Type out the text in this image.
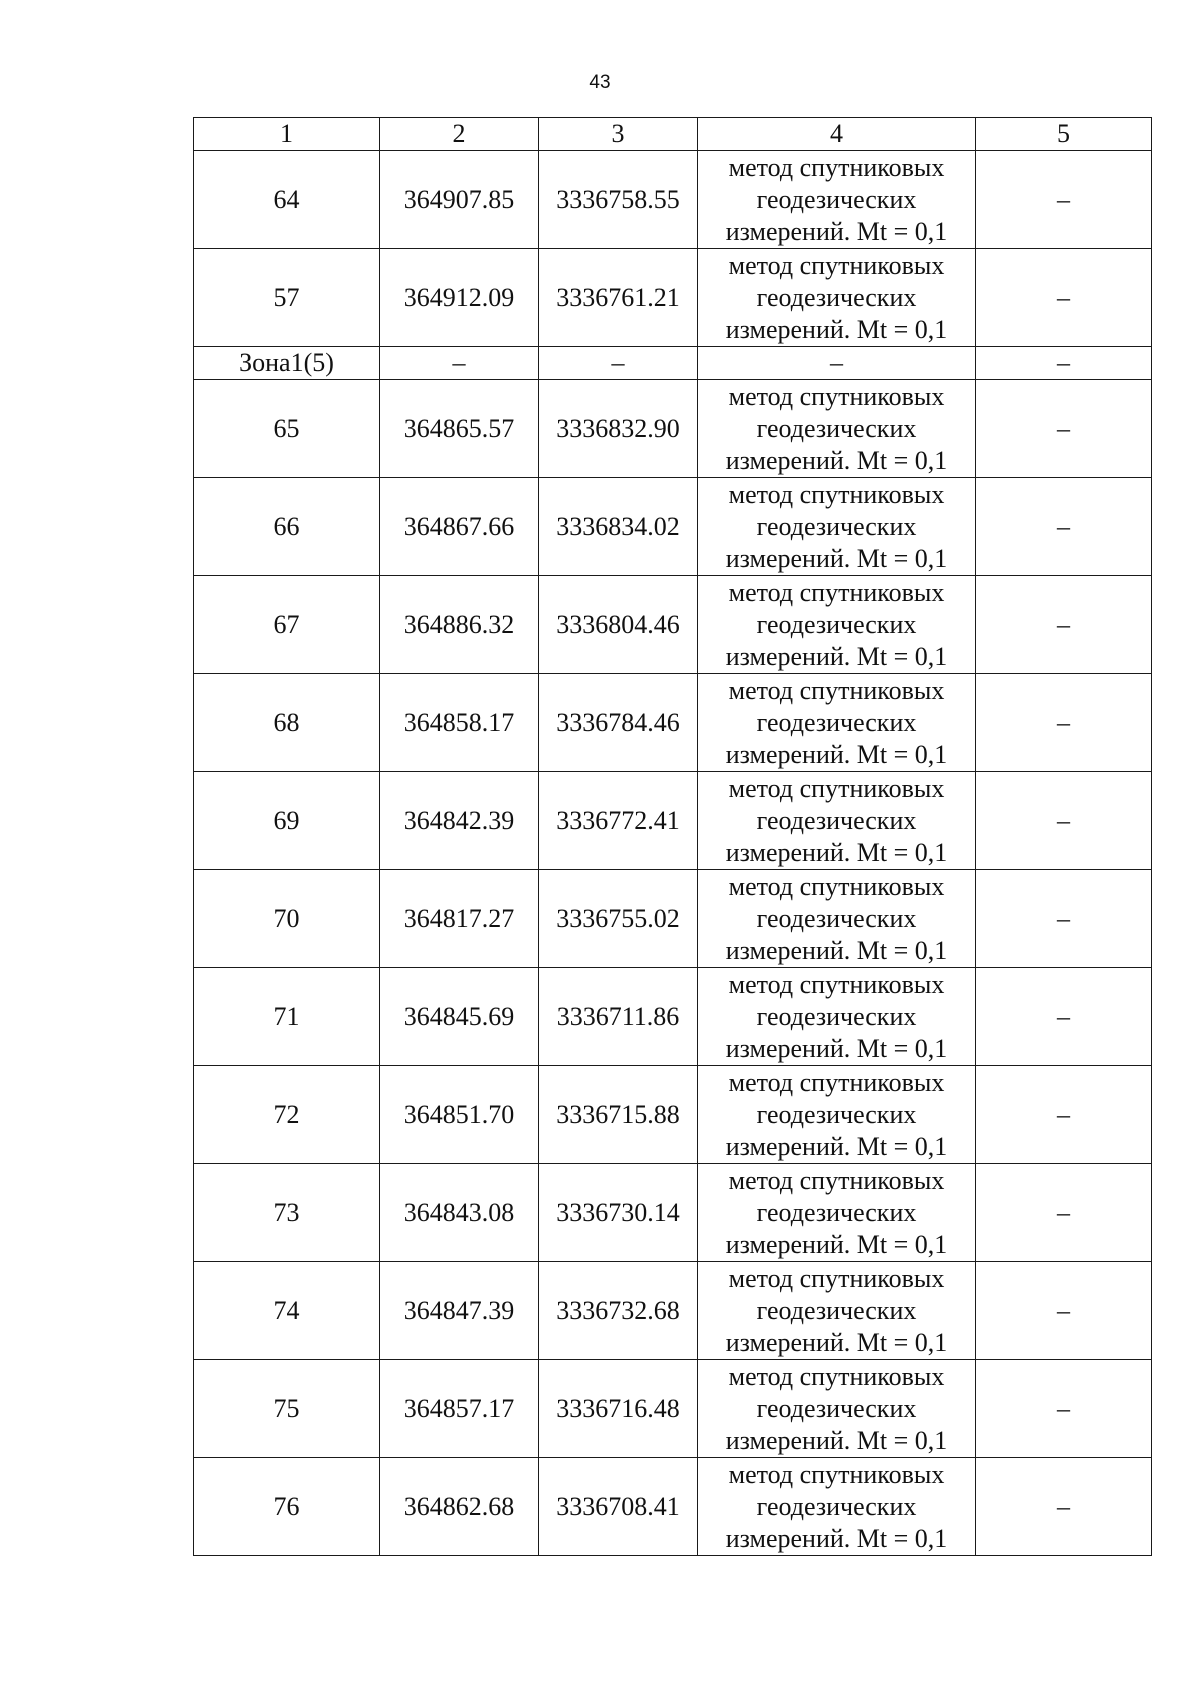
43
1	2	3	4	5
64	364907.85	3336758.55	метод спутниковых
геодезических
измерений. Mt = 0,1	–
57	364912.09	3336761.21	метод спутниковых
геодезических
измерений. Mt = 0,1	–
Зона1(5)	–	–	–	–
65	364865.57	3336832.90	метод спутниковых
геодезических
измерений. Mt = 0,1	–
66	364867.66	3336834.02	метод спутниковых
геодезических
измерений. Mt = 0,1	–
67	364886.32	3336804.46	метод спутниковых
геодезических
измерений. Mt = 0,1	–
68	364858.17	3336784.46	метод спутниковых
геодезических
измерений. Mt = 0,1	–
69	364842.39	3336772.41	метод спутниковых
геодезических
измерений. Mt = 0,1	–
70	364817.27	3336755.02	метод спутниковых
геодезических
измерений. Mt = 0,1	–
71	364845.69	3336711.86	метод спутниковых
геодезических
измерений. Mt = 0,1	–
72	364851.70	3336715.88	метод спутниковых
геодезических
измерений. Mt = 0,1	–
73	364843.08	3336730.14	метод спутниковых
геодезических
измерений. Mt = 0,1	–
74	364847.39	3336732.68	метод спутниковых
геодезических
измерений. Mt = 0,1	–
75	364857.17	3336716.48	метод спутниковых
геодезических
измерений. Mt = 0,1	–
76	364862.68	3336708.41	метод спутниковых
геодезических
измерений. Mt = 0,1	–
